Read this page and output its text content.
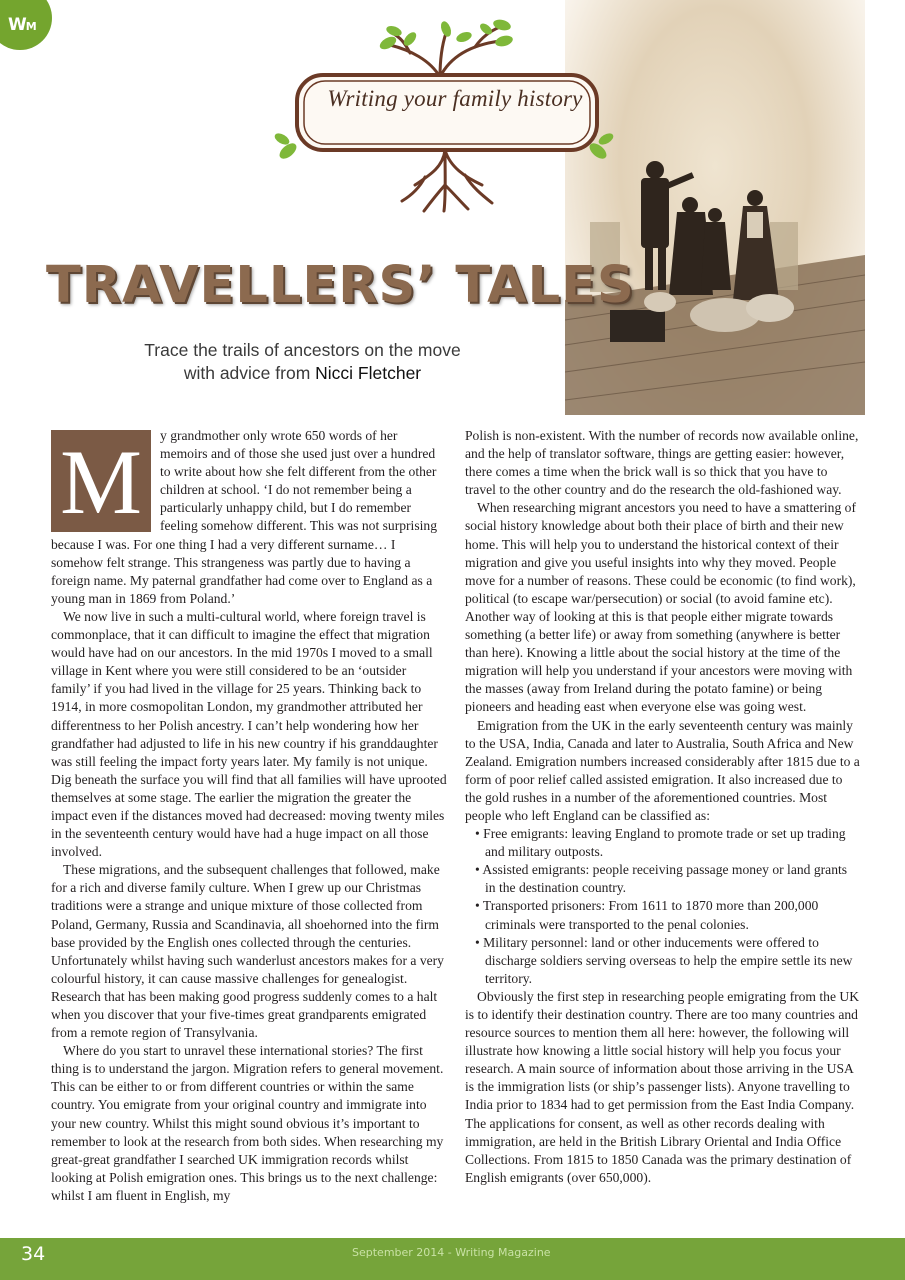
WM
Writing your family history
TRAVELLERS’ TALES
Trace the trails of ancestors on the move
with advice from Nicci Fletcher
M	y grandmother only wrote 650 words of her memoirs and of those she used just over a hundred to write about how she felt different from the other children at school. ‘I do not remember being a particularly unhappy child, but I do remember feeling somehow different. This was not surprising because I was. For one thing I had a very different surname… I somehow felt strange. This strangeness was partly due to having a foreign name. My paternal grandfather had come over to England as a young man in 1869 from Poland.’

We now live in such a multi-cultural world, where foreign travel is commonplace, that it can difficult to imagine the effect that migration would have had on our ancestors. In the mid 1970s I moved to a small village in Kent where you were still considered to be an ‘outsider family’ if you had lived in the village for 25 years. Thinking back to 1914, in more cosmopolitan London, my grandmother attributed her differentness to her Polish ancestry. I can’t help wondering how her grandfather had adjusted to life in his new country if his granddaughter was still feeling the impact forty years later. My family is not unique. Dig beneath the surface you will find that all families will have uprooted themselves at some stage. The earlier the migration the greater the impact even if the distances moved had decreased: moving twenty miles in the seventeenth century would have had a huge impact on all those involved.

These migrations, and the subsequent challenges that followed, make for a rich and diverse family culture. When I grew up our Christmas traditions were a strange and unique mixture of those collected from Poland, Germany, Russia and Scandinavia, all shoehorned into the firm base provided by the English ones collected through the centuries. Unfortunately whilst having such wanderlust ancestors makes for a very colourful history, it can cause massive challenges for genealogist. Research that has been making good progress suddenly comes to a halt when you discover that your five-times great grandparents emigrated from a remote region of Transylvania.

Where do you start to unravel these international stories? The first thing is to understand the jargon. Migration refers to general movement. This can be either to or from different countries or within the same country. You emigrate from your original country and immigrate into your new country. Whilst this might sound obvious it’s important to remember to look at the research from both sides. When researching my great-great grandfather I searched UK immigration records whilst looking at Polish emigration ones. This brings us to the next challenge: whilst I am fluent in English, my

Polish is non-existent. With the number of records now available online, and the help of translator software, things are getting easier: however, there comes a time when the brick wall is so thick that you have to travel to the other country and do the research the old-fashioned way.

When researching migrant ancestors you need to have a smattering of social history knowledge about both their place of birth and their new home. This will help you to understand the historical context of their migration and give you useful insights into why they moved. People move for a number of reasons. These could be economic (to find work), political (to escape war/persecution) or social (to avoid famine etc). Another way of looking at this is that people either migrate towards something (a better life) or away from something (anywhere is better than here). Knowing a little about the social history at the time of the migration will help you understand if your ancestors were moving with the masses (away from Ireland during the potato famine) or being pioneers and heading east when everyone else was going west.

Emigration from the UK in the early seventeenth century was mainly to the USA, India, Canada and later to Australia, South Africa and New Zealand. Emigration numbers increased considerably after 1815 due to a form of poor relief called assisted emigration. It also increased due to the gold rushes in a number of the aforementioned countries. Most people who left England can be classified as:

• Free emigrants: leaving England to promote trade or set up trading and military outposts.

• Assisted emigrants: people receiving passage money or land grants in the destination country.

• Transported prisoners: From 1611 to 1870 more than 200,000 criminals were transported to the penal colonies.

• Military personnel: land or other inducements were offered to discharge soldiers serving overseas to help the empire settle its new territory.

Obviously the first step in researching people emigrating from the UK is to identify their destination country. There are too many countries and resource sources to mention them all here: however, the following will illustrate how knowing a little social history will help you focus your research. A main source of information about those arriving in the USA is the immigration lists (or ship’s passenger lists). Anyone travelling to India prior to 1834 had to get permission from the East India Company. The applications for consent, as well as other records dealing with immigration, are held in the British Library Oriental and India Office Collections. From 1815 to 1850 Canada was the primary destination of English emigrants (over 650,000).

34	September 2014 - Writing Magazine
